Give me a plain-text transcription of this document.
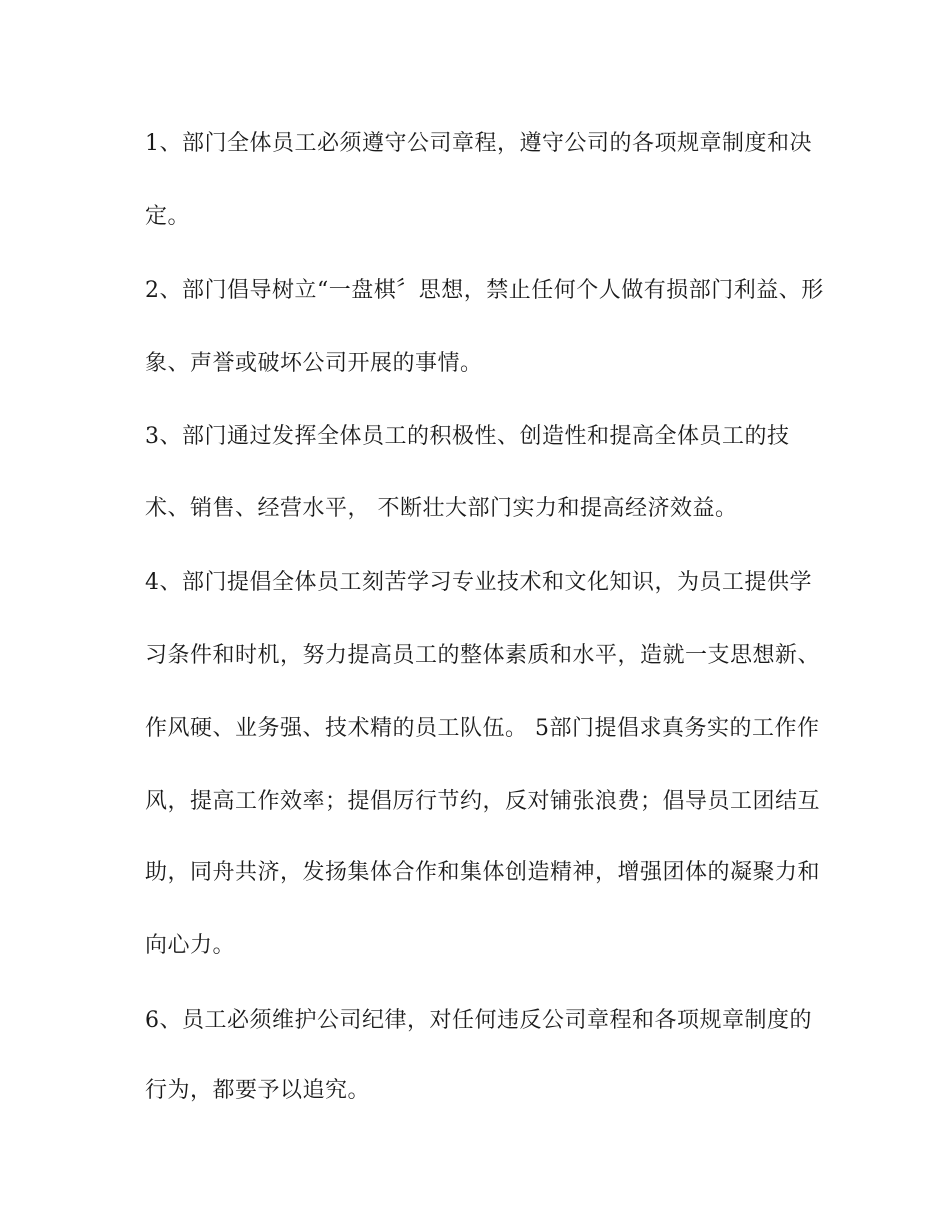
1、部门全体员工必须遵守公司章程，遵守公司的各项规章制度和决
定。
2、部门倡导树立“一盘棋〞思想，禁止任何个人做有损部门利益、形
象、声誉或破坏公司开展的事情。
3、部门通过发挥全体员工的积极性、创造性和提高全体员工的技
术、销售、经营水平， 不断壮大部门实力和提高经济效益。
4、部门提倡全体员工刻苦学习专业技术和文化知识，为员工提供学
习条件和时机，努力提高员工的整体素质和水平，造就一支思想新、
作风硬、业务强、技术精的员工队伍。 5部门提倡求真务实的工作作
风，提高工作效率；提倡厉行节约，反对铺张浪费；倡导员工团结互
助，同舟共济，发扬集体合作和集体创造精神，增强团体的凝聚力和
向心力。
6、员工必须维护公司纪律，对任何违反公司章程和各项规章制度的
行为，都要予以追究。
